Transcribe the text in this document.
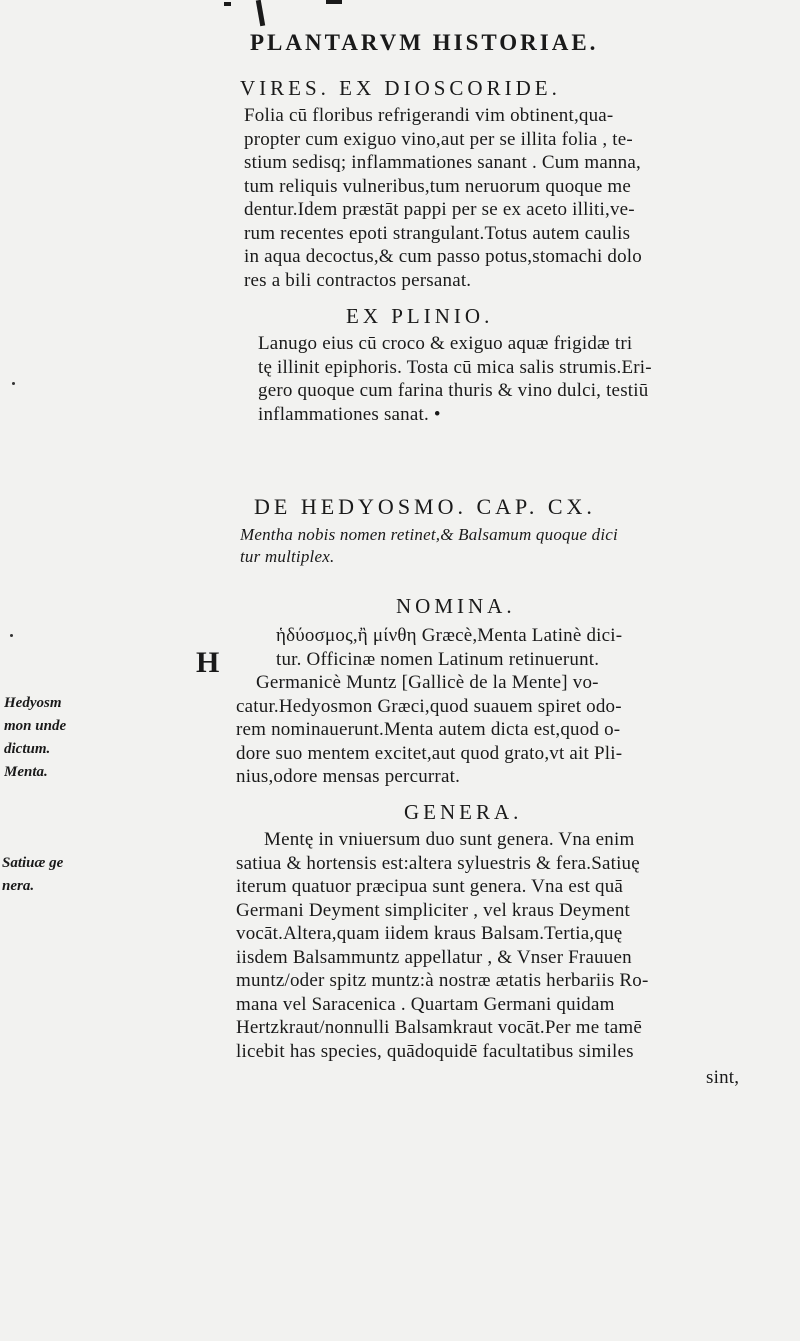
PLANTARVM HISTORIAE.
VIRES. EX DIOSCORIDE.
Folia cū floribus refrigerandi vim obtinent,qua-
propter cum exiguo vino,aut per se illita folia , te-
stium sedisq; inflammationes sanant . Cum manna,
tum reliquis vulneribus,tum neruorum quoque me
dentur.Idem præstāt pappi per se ex aceto illiti,ve-
rum recentes epoti strangulant.Totus autem caulis
in aqua decoctus,& cum passo potus,stomachi dolo
res a bili contractos persanat.
EX PLINIO.
Lanugo eius cū croco & exiguo aquæ frigidæ tri
tę illinit epiphoris. Tosta cū mica salis strumis.Eri-
gero quoque cum farina thuris & vino dulci, testiū
inflammationes sanat. •
DE HEDYOSMO. CAP. CX.
Mentha nobis nomen retinet,& Balsamum quoque dici
tur multiplex.
NOMINA.
H
ἡδύοσμος,ἢ μίνθη Græcè,Menta Latinè dici-
tur. Officinæ nomen Latinum retinuerunt.
Germanicè Muntz [Gallicè de la Mente] vo-
catur.Hedyosmon Græci,quod suauem spiret odo-
rem nominauerunt.Menta autem dicta est,quod o-
dore suo mentem excitet,aut quod grato,vt ait Pli-
nius,odore mensas percurrat.
Hedyosm
mon unde
dictum.
Menta.
GENERA.
Mentę in vniuersum duo sunt genera. Vna enim
satiua & hortensis est:altera syluestris & fera.Satiuę
iterum quatuor præcipua sunt genera. Vna est quā
Germani Deyment simpliciter , vel kraus Deyment
vocāt.Altera,quam iidem kraus Balsam.Tertia,quę
iisdem Balsammuntz appellatur , & Vnser Frauuen
muntz/oder spitz muntz:à nostræ ætatis herbariis Ro-
mana vel Saracenica . Quartam Germani quidam
Hertzkraut/nonnulli Balsamkraut vocāt.Per me tamē
licebit has species, quādoquidē facultatibus similes
Satiuæ ge
nera.
sint,
